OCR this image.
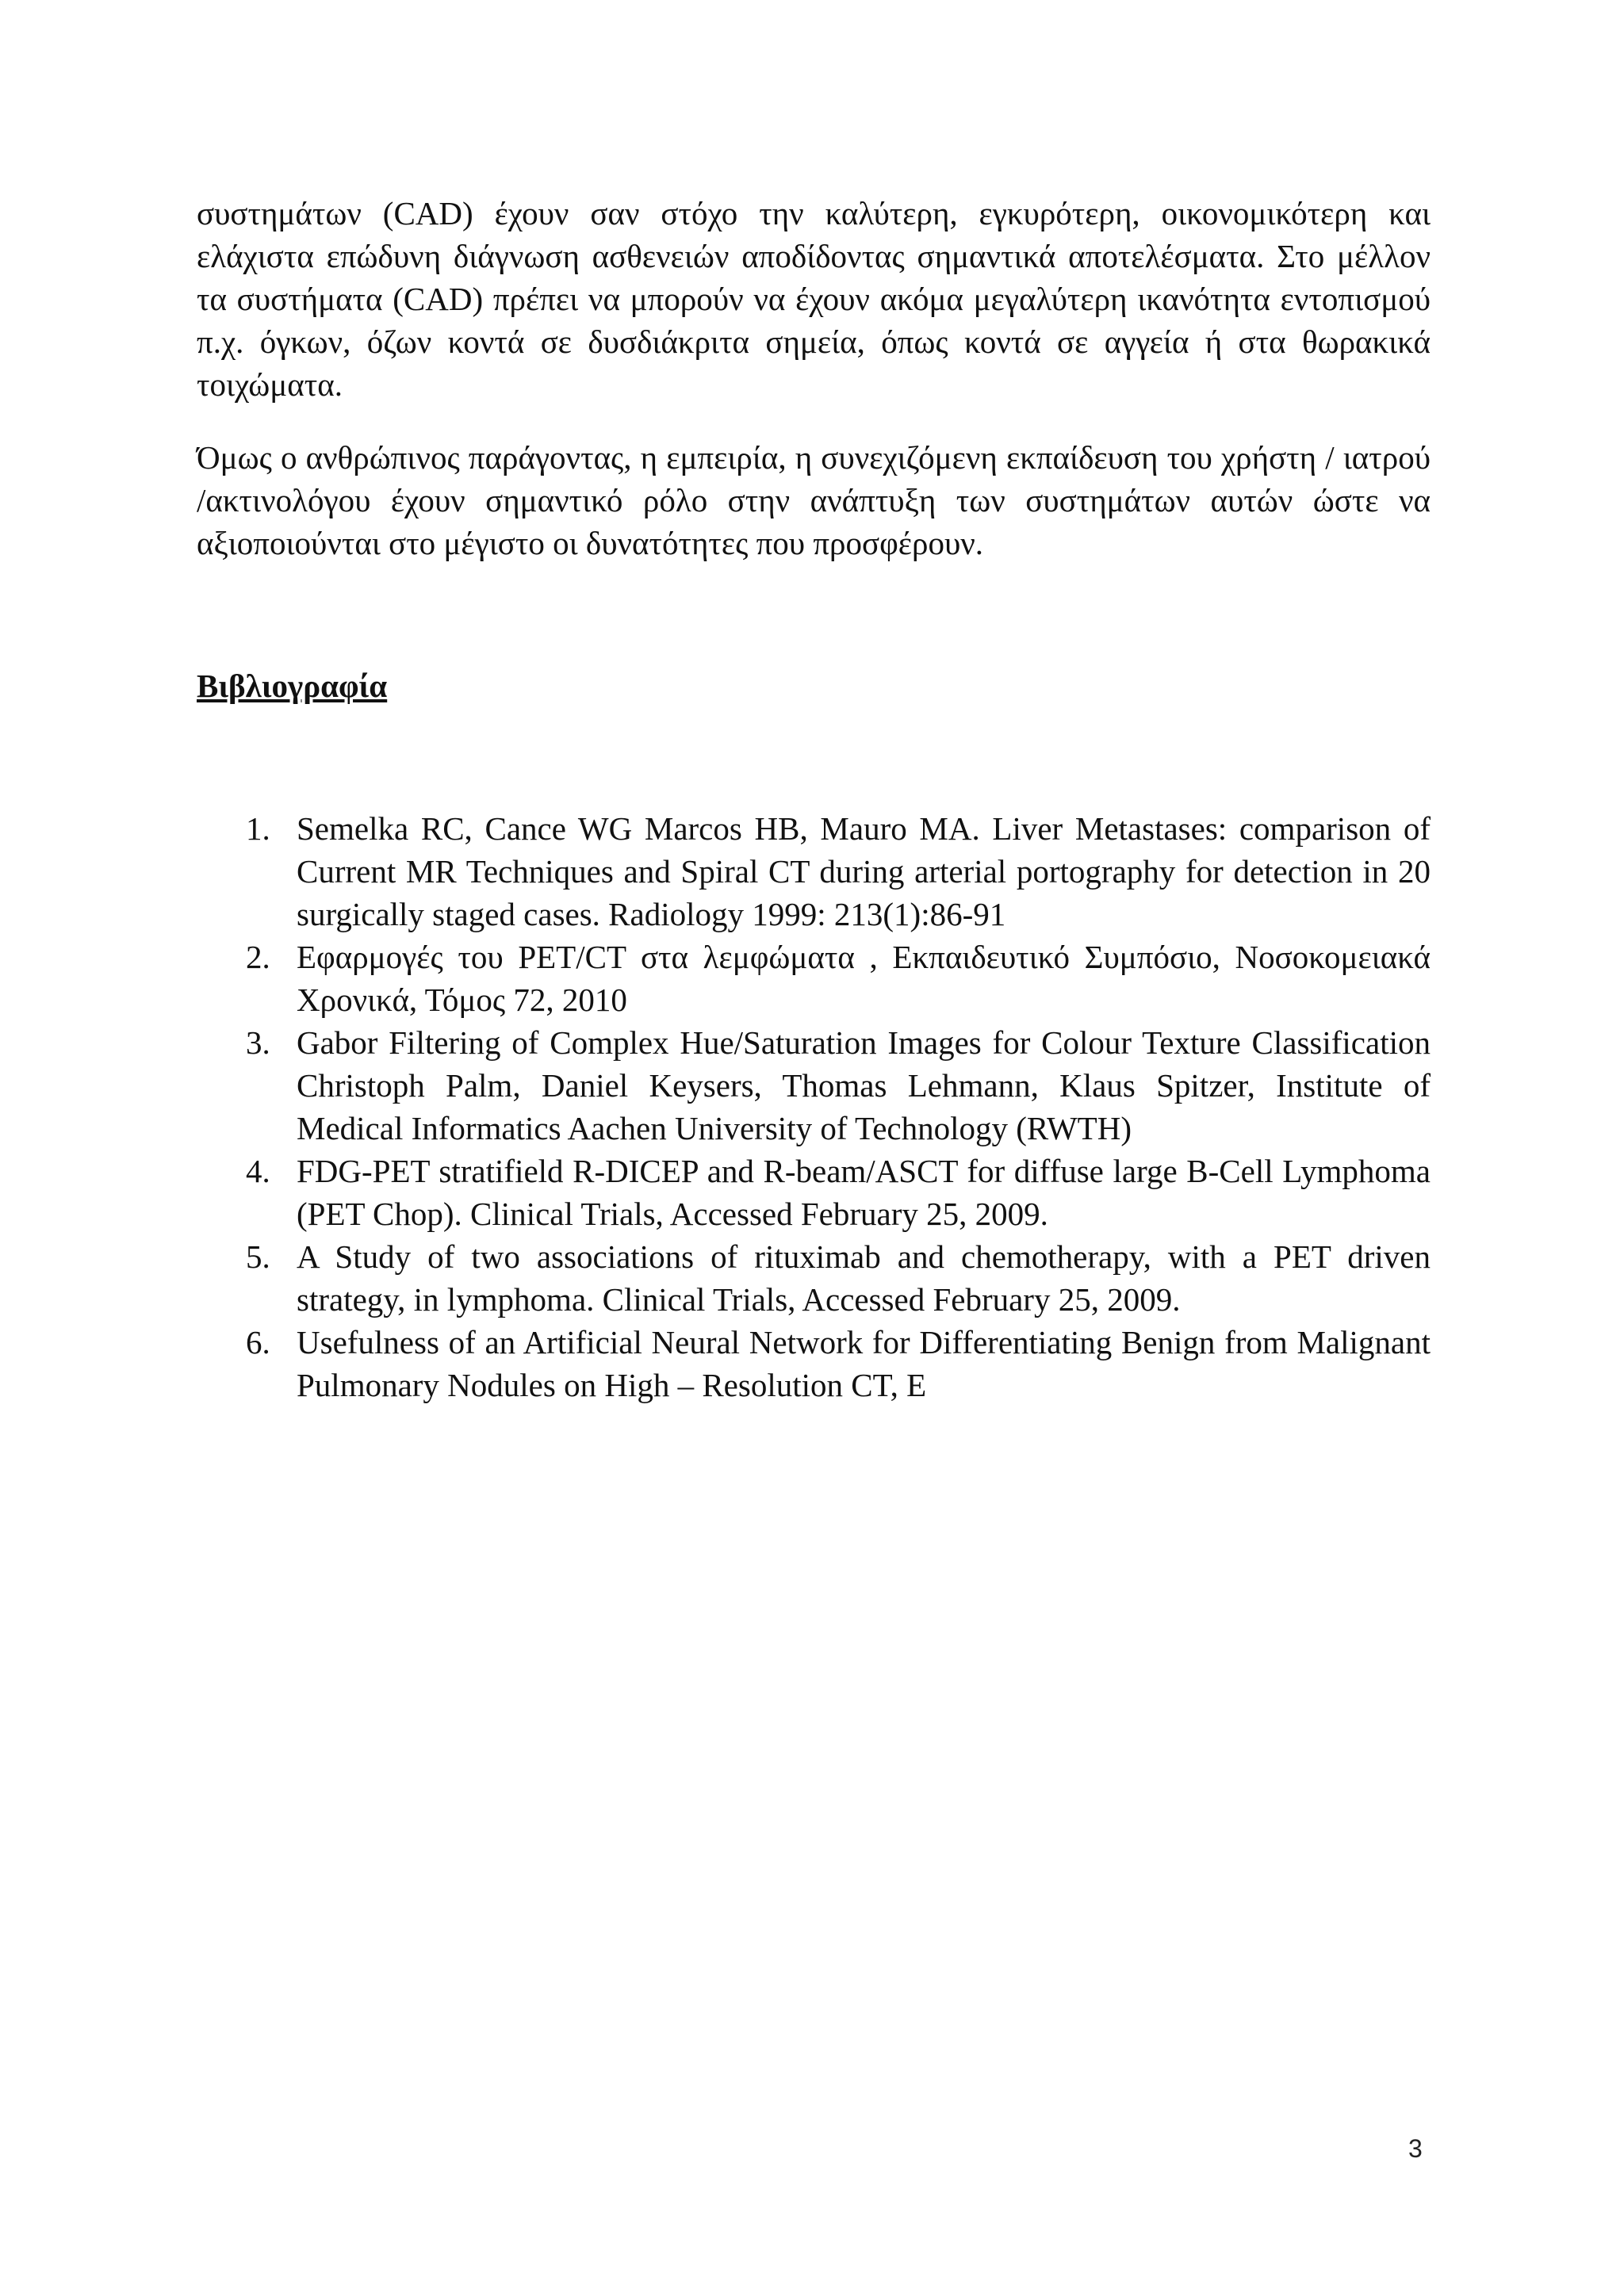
συστημάτων (CAD) έχουν σαν στόχο την καλύτερη, εγκυρότερη, οικονομικότερη και ελάχιστα επώδυνη διάγνωση ασθενειών αποδίδοντας σημαντικά αποτελέσματα. Στο μέλλον τα συστήματα (CAD) πρέπει να μπορούν να έχουν ακόμα μεγαλύτερη ικανότητα εντοπισμού π.χ. όγκων, όζων κοντά σε δυσδιάκριτα σημεία, όπως κοντά σε αγγεία ή στα θωρακικά τοιχώματα.

Όμως ο ανθρώπινος παράγοντας, η εμπειρία, η συνεχιζόμενη εκπαίδευση του χρήστη / ιατρού /ακτινολόγου έχουν σημαντικό ρόλο στην ανάπτυξη των συστημάτων αυτών ώστε να αξιοποιούνται στο μέγιστο οι δυνατότητες που προσφέρουν.

Βιβλιογραφία
1. Semelka RC, Cance WG Marcos HB, Mauro MA. Liver Metastases: comparison of Current MR Techniques and Spiral CT during arterial portography for detection in 20 surgically staged cases. Radiology 1999: 213(1):86-91
2. Εφαρμογές του PET/CT στα λεμφώματα , Εκπαιδευτικό Συμπόσιο, Νοσοκομειακά Χρονικά, Τόμος 72, 2010
3. Gabor Filtering of Complex Hue/Saturation Images for Colour Texture Classification Christoph Palm, Daniel Keysers, Thomas Lehmann, Klaus Spitzer, Institute of Medical Informatics Aachen University of Technology (RWTH)
4. FDG-PET stratifield R-DICEP and R-beam/ASCT for diffuse large B-Cell Lymphoma (PET Chop). Clinical Trials, Accessed February 25, 2009.
5. A Study of two associations of rituximab and chemotherapy, with a PET driven strategy, in lymphoma. Clinical Trials, Accessed February 25, 2009.
6. Usefulness of an Artificial Neural Network for Differentiating Benign from Malignant Pulmonary Nodules on High – Resolution CT, E
3
